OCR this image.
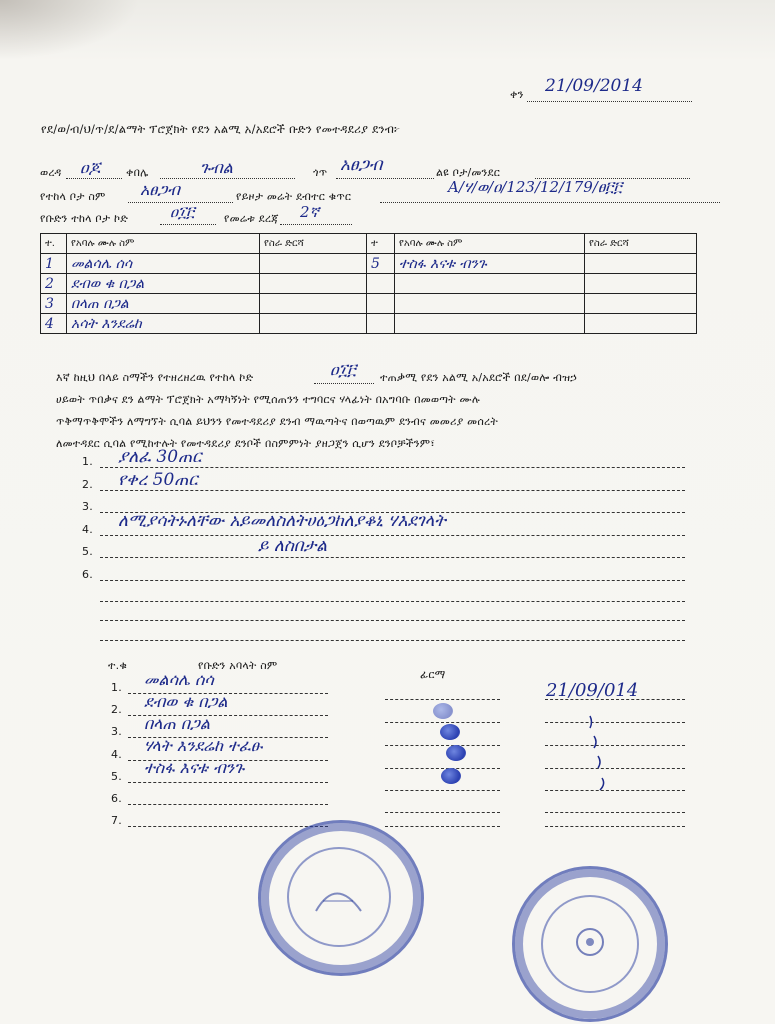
ቀን 21/09/2014
የደ/ወ/ብ/ህ/ጥ/ደ/ልማት ፕሮጀክት የደን አልሚ አ/አደሮች ቡድን የመተዳደሪያ ደንብ፦
ወረዳ ዐጆ ቀበሌ	ጉብል	ጎጥ አፀጋብ	ልዩ ቦታ/መንደር
የተከላ ቦታ ስም አፀጋብ	የይዞታ መሬት ደብተር ቁጥር
A/ሃ/ወ/ዐ/123/12/179/ፀ፫፫
የቡድን ተከላ ቦታ ኮድ	ዐ፲፫	የመሬቱ ደረጃ 2ኛ
ተ.	የአባሉ ሙሉ ስም	የስራ ድርሻ	ተ	የአባሉ ሙሉ ስም	የስራ ድርሻ
1	መልሳሌ ሰሳ		5	ተስፋ እናቱ ብንጉ	
2	ደብወ ቁ በጋል				
3	በላጠ በጋል				
4	አሳት እንደሬከ				
እኛ ከዚህ በላይ ስማችን የተዘረዘረዉ የተከላ ኮድ	ዐ፲፫ ተጠቃሚ የደን አልሚ አ/አደሮች በደ/ወሎ ብዝኃ
ሀይወት ጥበቃና ደን ልማት ፕሮጀክት አማካኝነት የሚሰጠንን ተግባርና ሃላፊነት በአግባቡ በመወጣት ሙሉ
ጥቅማጥቅሞችን ለማግኘት ሲባል ይህንን የመተዳደሪያ ደንብ ማዉጣትና በወጣዉም ደንብና መመሪያ መሰረት
ለመተዳደር ሲባል የሚከተሉት የመተዳደሪያ ደንቦች በስምምነት ያዘጋጀን ሲሆን ደንቦቻችንም፣
1. ያለፈ 30ጠር
2. የቀረ 50ጠር
3.
4. ለሚያሳትኑለቸው አይመለስለትሀዕጋከለያቆኒ ሃእደገላት
5.	ይ ለስበታል
6.
ተ.ቁ	የቡድን አባላት ስም
ፊርማ
21/09/014
1. መልሳሌ ሰሳ
2. ደብወ ቁ በጋል
3. በላጠ በጋል
4. ሃላት እንደሬከ ተፈፁ
5. ተስፋ እናቱ ብንጉ
6.
7.
